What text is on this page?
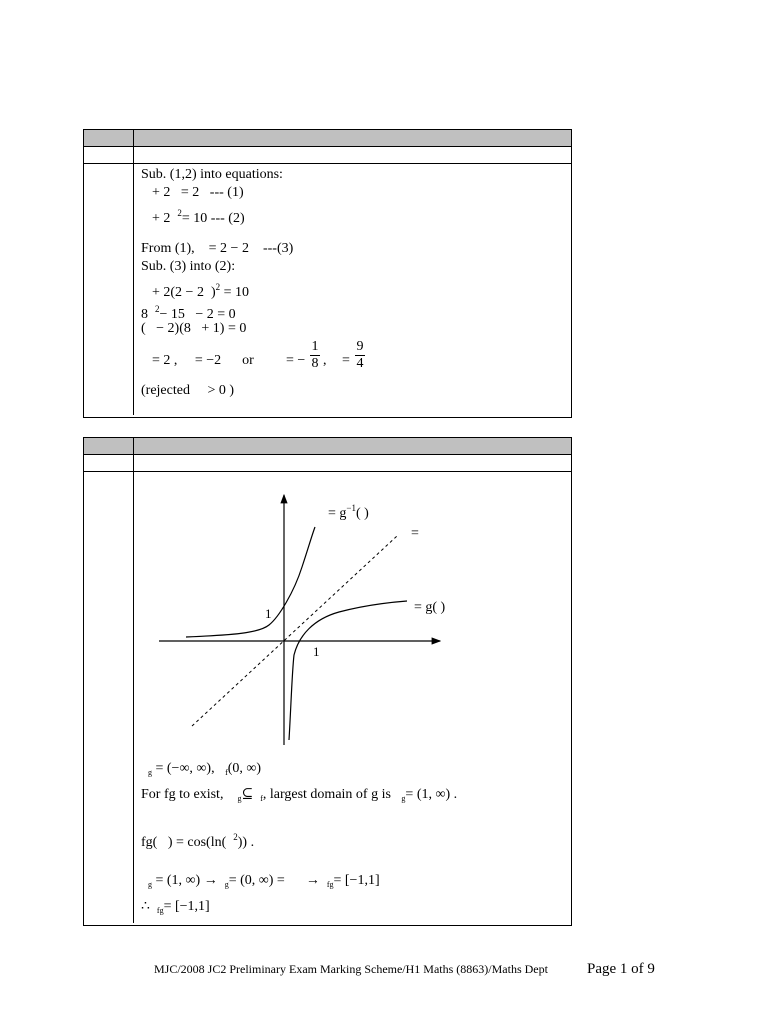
Sub. (1,2) into equations:
+ 2   = 2   --- (1)
+ 2 $^2$= 10 --- (2)
From (1),    = 2 − 2    ---(3)
Sub. (3) into (2):
+ 2(2 − 2  )$^2$ = 10
8 $^2$− 15   − 2 = 0
(   − 2)(8   + 1) = 0
= 2 ,     = −2      or = −
1
8 , =
9
4
(rejected     > 0 )
= $g^{-1}$( )
=
= g( )
1
1
$_g$ = (−∞, ∞), $_f$(0, ∞)
For fg to exist, $_g$⊆ $_f$, largest domain of g is $_g$= (1, ∞) .
fg(   ) = cos(ln( $^2$)) .
$_g$ = (1, ∞) → $_g$= (0, ∞) = → $_{fg}$= [−1,1]
∴ $_{fg}$= [−1,1]
MJC/2008 JC2 Preliminary Exam Marking Scheme/H1 Maths (8863)/Maths Dept	Page 1 of 9
